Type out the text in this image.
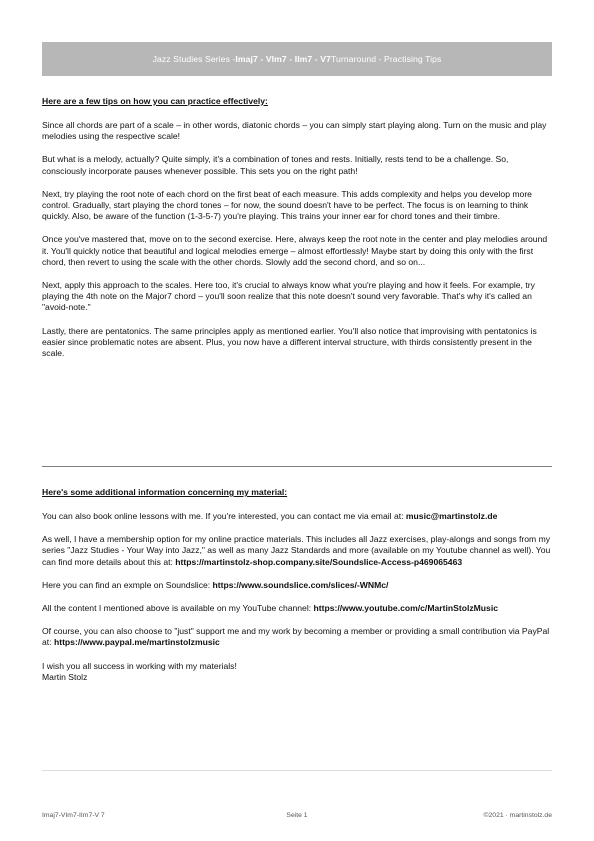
Jazz Studies Series - Imaj7 - VIm7 - IIm7 - V7 Turnaround - Practising Tips
Here are a few tips on how you can practice effectively:

Since all chords are part of a scale – in other words, diatonic chords – you can simply start playing along. Turn on the music and play melodies using the respective scale!

But what is a melody, actually? Quite simply, it's a combination of tones and rests. Initially, rests tend to be a challenge. So, consciously incorporate pauses whenever possible. This sets you on the right path!

Next, try playing the root note of each chord on the first beat of each measure. This adds complexity and helps you develop more control. Gradually, start playing the chord tones – for now, the sound doesn't have to be perfect. The focus is on learning to think quickly. Also, be aware of the function (1-3-5-7) you're playing. This trains your inner ear for chord tones and their timbre.

Once you've mastered that, move on to the second exercise. Here, always keep the root note in the center and play melodies around it. You'll quickly notice that beautiful and logical melodies emerge – almost effortlessly! Maybe start by doing this only with the first chord, then revert to using the scale with the other chords. Slowly add the second chord, and so on...

Next, apply this approach to the scales. Here too, it's crucial to always know what you're playing and how it feels. For example, try playing the 4th note on the Major7 chord – you'll soon realize that this note doesn't sound very favorable. That's why it's called an "avoid-note."

Lastly, there are pentatonics. The same principles apply as mentioned earlier. You'll also notice that improvising with pentatonics is easier since problematic notes are absent. Plus, you now have a different interval structure, with thirds consistently present in the scale.

Here's some additional information concerning my material:

You can also book online lessons with me. If you're interested, you can contact me via email at: music@martinstolz.de

As well, I have a membership option for my online practice materials. This includes all Jazz exercises, play-alongs and songs from my series "Jazz Studies - Your Way into Jazz," as well as many Jazz Standards and more (available on my Youtube channel as well). You can find more details about this at: https://martinstolz-shop.company.site/Soundslice-Access-p469065463

Here you can find an exmple on Soundslice: https://www.soundslice.com/slices/-WNMc/

All the content I mentioned above is available on my YouTube channel: https://www.youtube.com/c/MartinStolzMusic

Of course, you can also choose to "just" support me and my work by becoming a member or providing a small contribution via PayPal at: https://www.paypal.me/martinstolzmusic

I wish you all success in working with my materials!
Martin Stolz

Seite 1
Imaj7-VIm7-IIm7-V 7	©2021 · martinstolz.de
